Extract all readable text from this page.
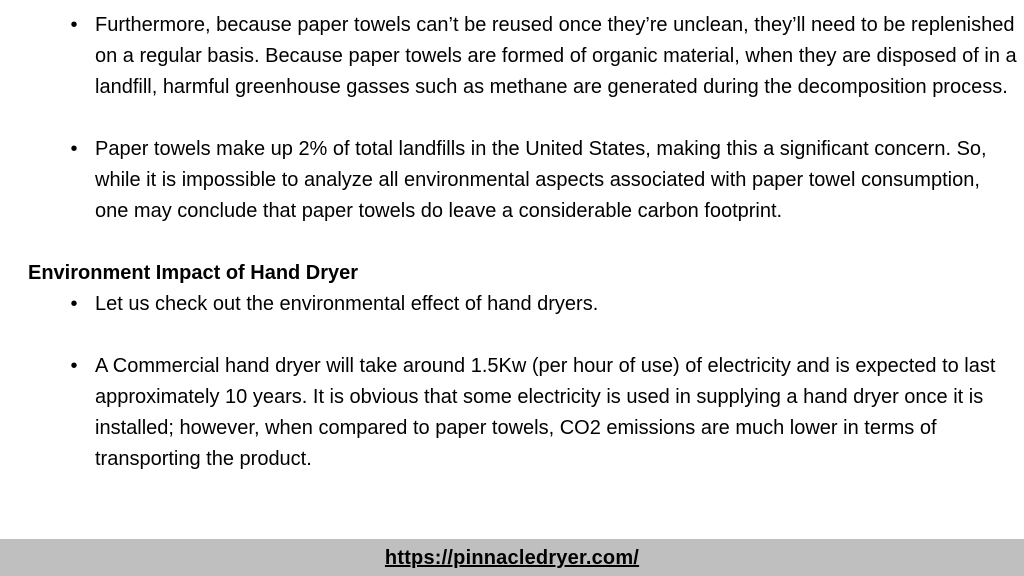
• Furthermore, because paper towels can’t be reused once they’re unclean, they’ll need to be replenished on a regular basis. Because paper towels are formed of organic material, when they are disposed of in a landfill, harmful greenhouse gasses such as methane are generated during the decomposition process.

• Paper towels make up 2% of total landfills in the United States, making this a significant concern. So, while it is impossible to analyze all environmental aspects associated with paper towel consumption, one may conclude that paper towels do leave a considerable carbon footprint.

Environment Impact of Hand Dryer

• Let us check out the environmental effect of hand dryers.

• A Commercial hand dryer will take around 1.5Kw (per hour of use) of electricity and is expected to last approximately 10 years. It is obvious that some electricity is used in supplying a hand dryer once it is installed; however, when compared to paper towels, CO2 emissions are much lower in terms of transporting the product.

https://pinnacledryer.com/
